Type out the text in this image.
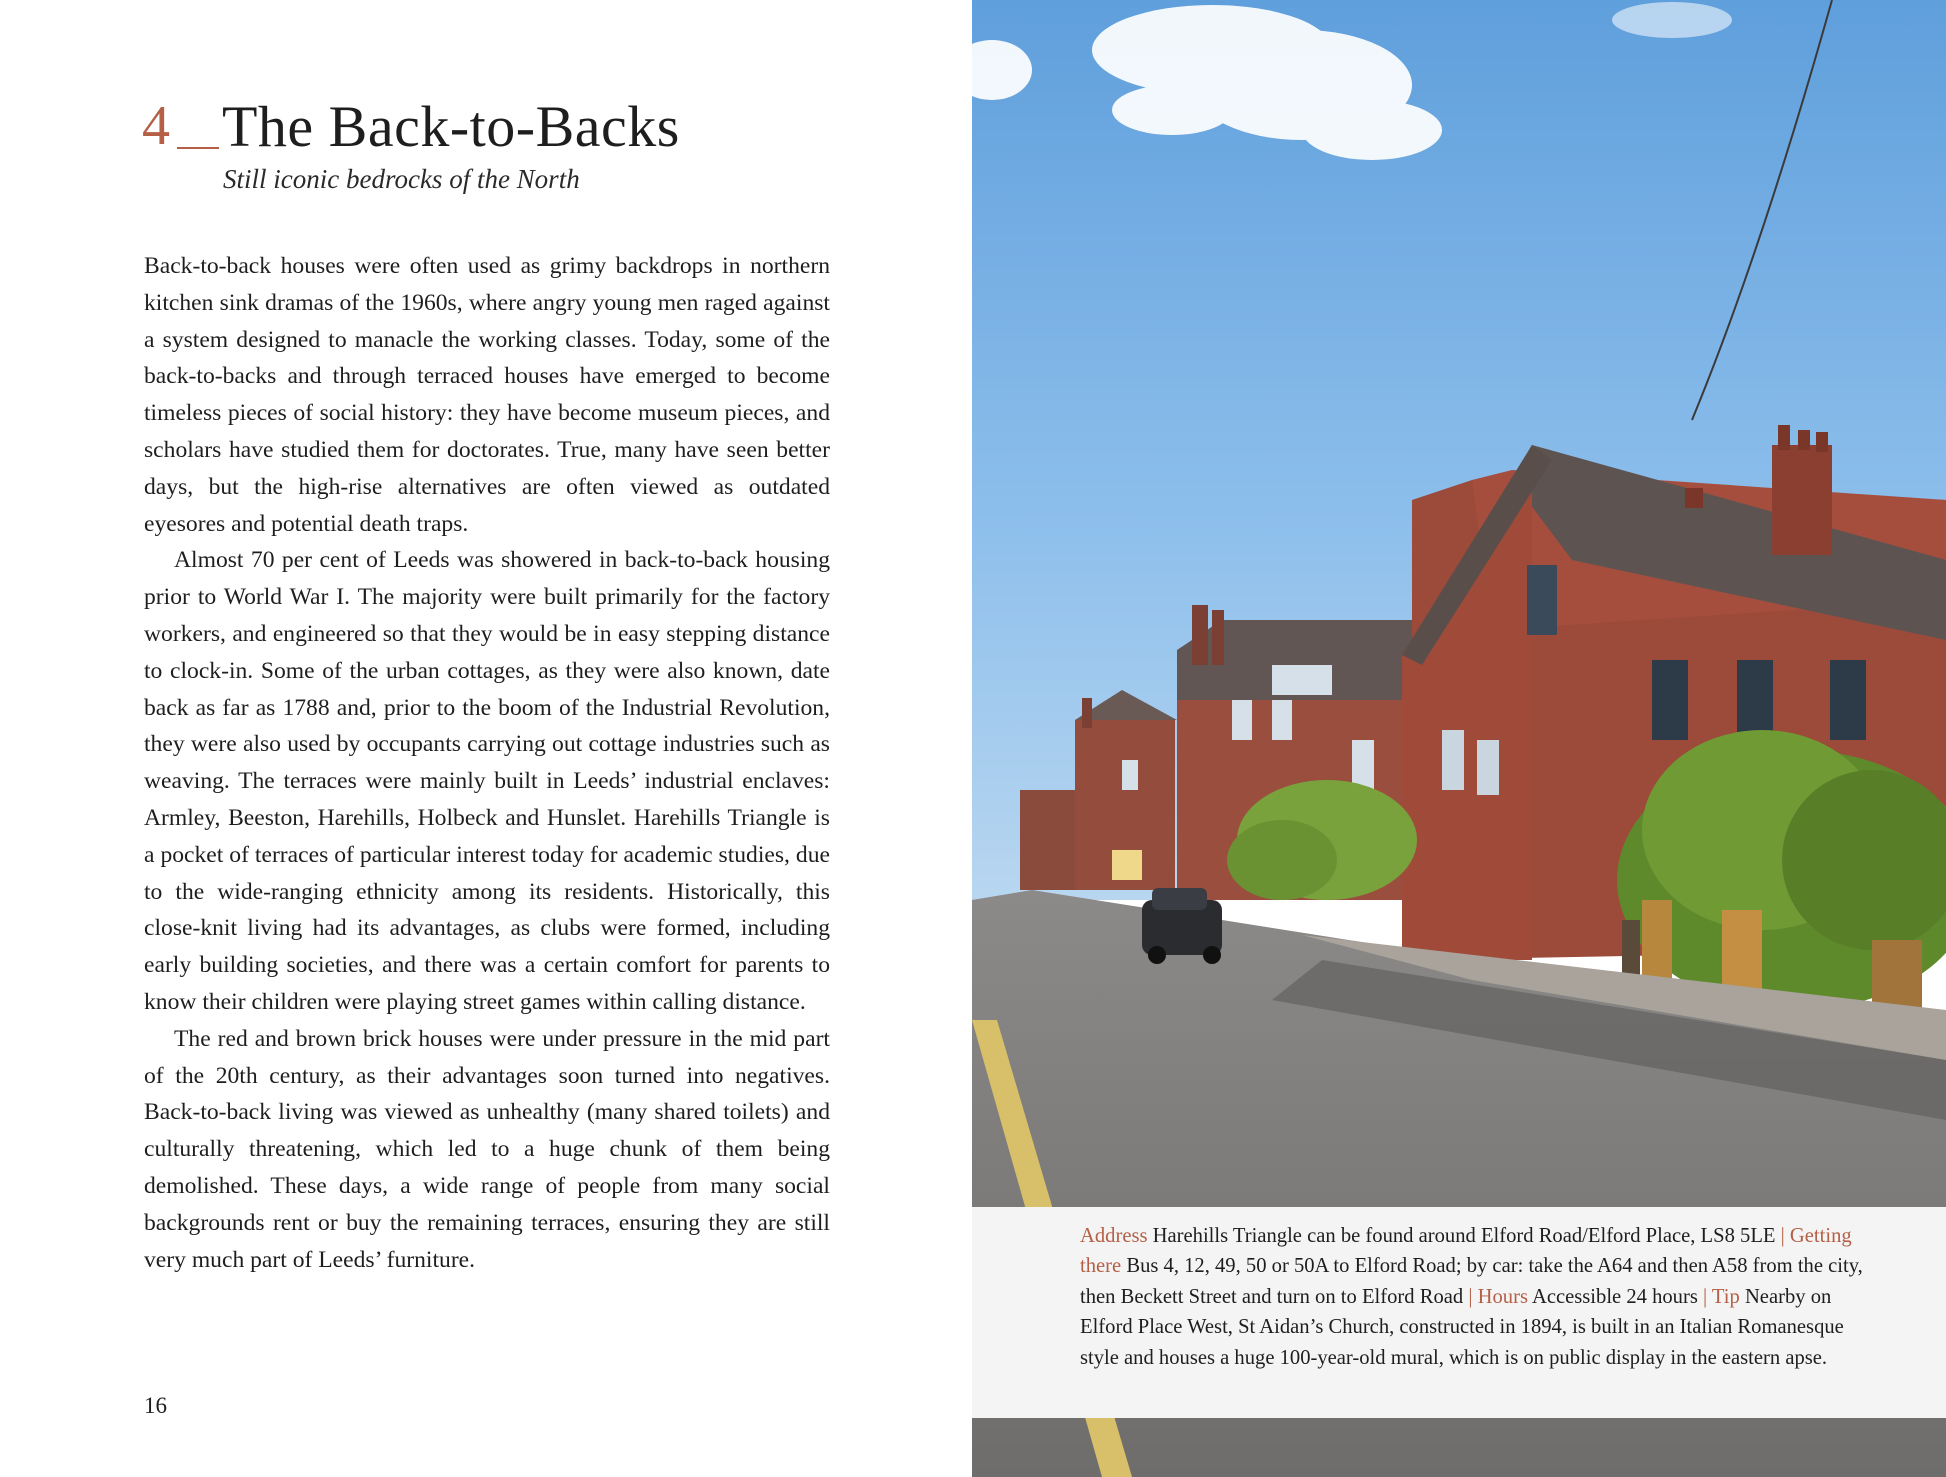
4 The Back-to-Backs
Still iconic bedrocks of the North

Back-to-back houses were often used as grimy backdrops in northern kitchen sink dramas of the 1960s, where angry young men raged against a system designed to manacle the working classes. Today, some of the back-to-backs and through terraced houses have emerged to become timeless pieces of social history: they have become museum pieces, and scholars have studied them for doctorates. True, many have seen better days, but the high-rise alternatives are often viewed as outdated eyesores and potential death traps.

Almost 70 per cent of Leeds was showered in back-to-back housing prior to World War I. The majority were built primarily for the factory workers, and engineered so that they would be in easy stepping distance to clock-in. Some of the urban cottages, as they were also known, date back as far as 1788 and, prior to the boom of the Industrial Revolution, they were also used by occupants carrying out cottage industries such as weaving. The terraces were mainly built in Leeds’ industrial enclaves: Armley, Beeston, Harehills, Holbeck and Hunslet. Harehills Triangle is a pocket of terraces of particular interest today for academic studies, due to the wide-ranging ethnicity among its residents. Historically, this close-knit living had its advantages, as clubs were formed, including early building societies, and there was a certain comfort for parents to know their children were playing street games within calling distance.

The red and brown brick houses were under pressure in the mid part of the 20th century, as their advantages soon turned into negatives. Back-to-back living was viewed as unhealthy (many shared toilets) and culturally threatening, which led to a huge chunk of them being demolished. These days, a wide range of people from many social backgrounds rent or buy the remaining terraces, ensuring they are still very much part of Leeds’ furniture.

16
Address Harehills Triangle can be found around Elford Road/Elford Place, LS8 5LE | Getting there Bus 4, 12, 49, 50 or 50A to Elford Road; by car: take the A64 and then A58 from the city, then Beckett Street and turn on to Elford Road | Hours Accessible 24 hours | Tip Nearby on Elford Place West, St Aidan’s Church, constructed in 1894, is built in an Italian Romanesque style and houses a huge 100-year-old mural, which is on public display in the eastern apse.
